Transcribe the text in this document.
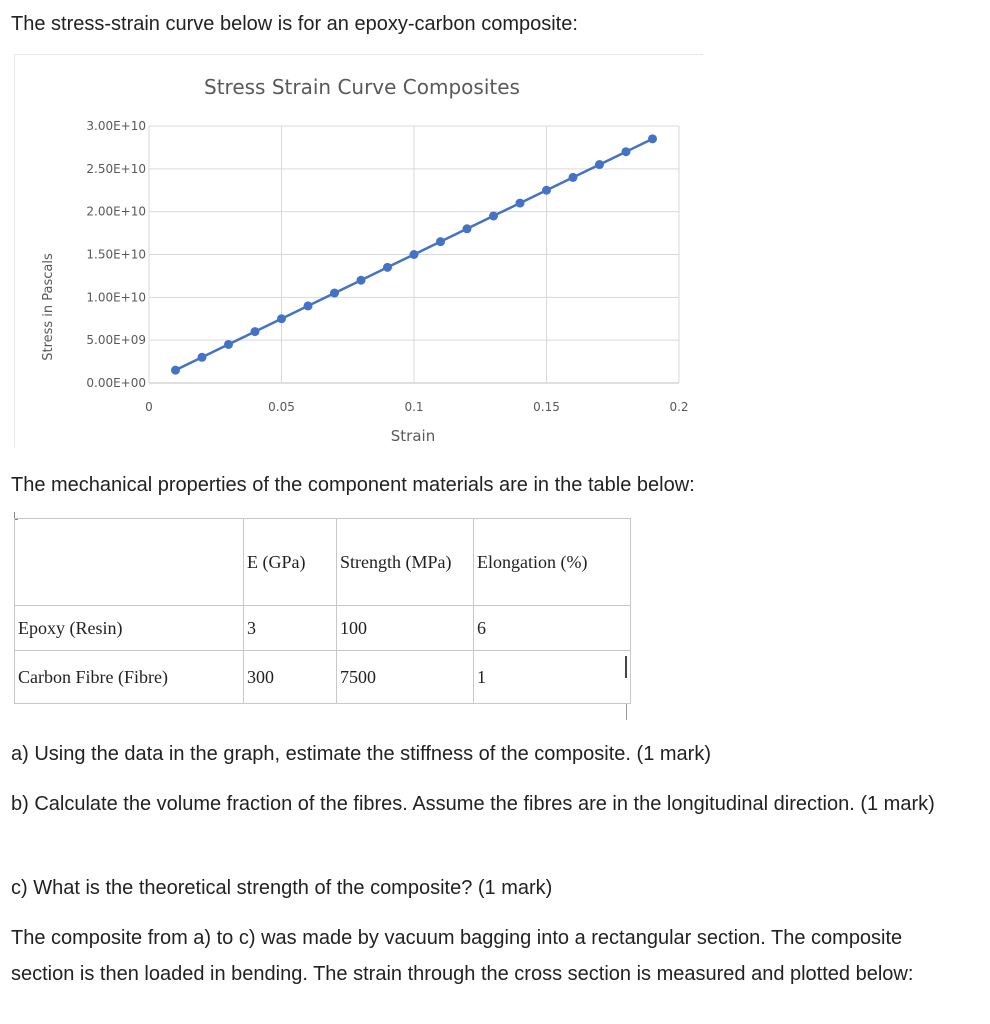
The stress-strain curve below is for an epoxy-carbon composite:

Stress Strain Curve Composites
0.00E+00
5.00E+09
1.00E+10
1.50E+10
2.00E+10
2.50E+10
3.00E+10
0	0.05	0.1	0.15	0.2
Strain
Stress in Pascals

The mechanical properties of the component materials are in the table below:

	E (GPa)	Strength (MPa)	Elongation (%)
Epoxy (Resin)	3	100	6
Carbon Fibre (Fibre)	300	7500	1

a) Using the data in the graph, estimate the stiffness of the composite. (1 mark)

b) Calculate the volume fraction of the fibres. Assume the fibres are in the longitudinal direction. (1 mark)

c) What is the theoretical strength of the composite? (1 mark)

The composite from a) to c) was made by vacuum bagging into a rectangular section. The composite section is then loaded in bending. The strain through the cross section is measured and plotted below:
